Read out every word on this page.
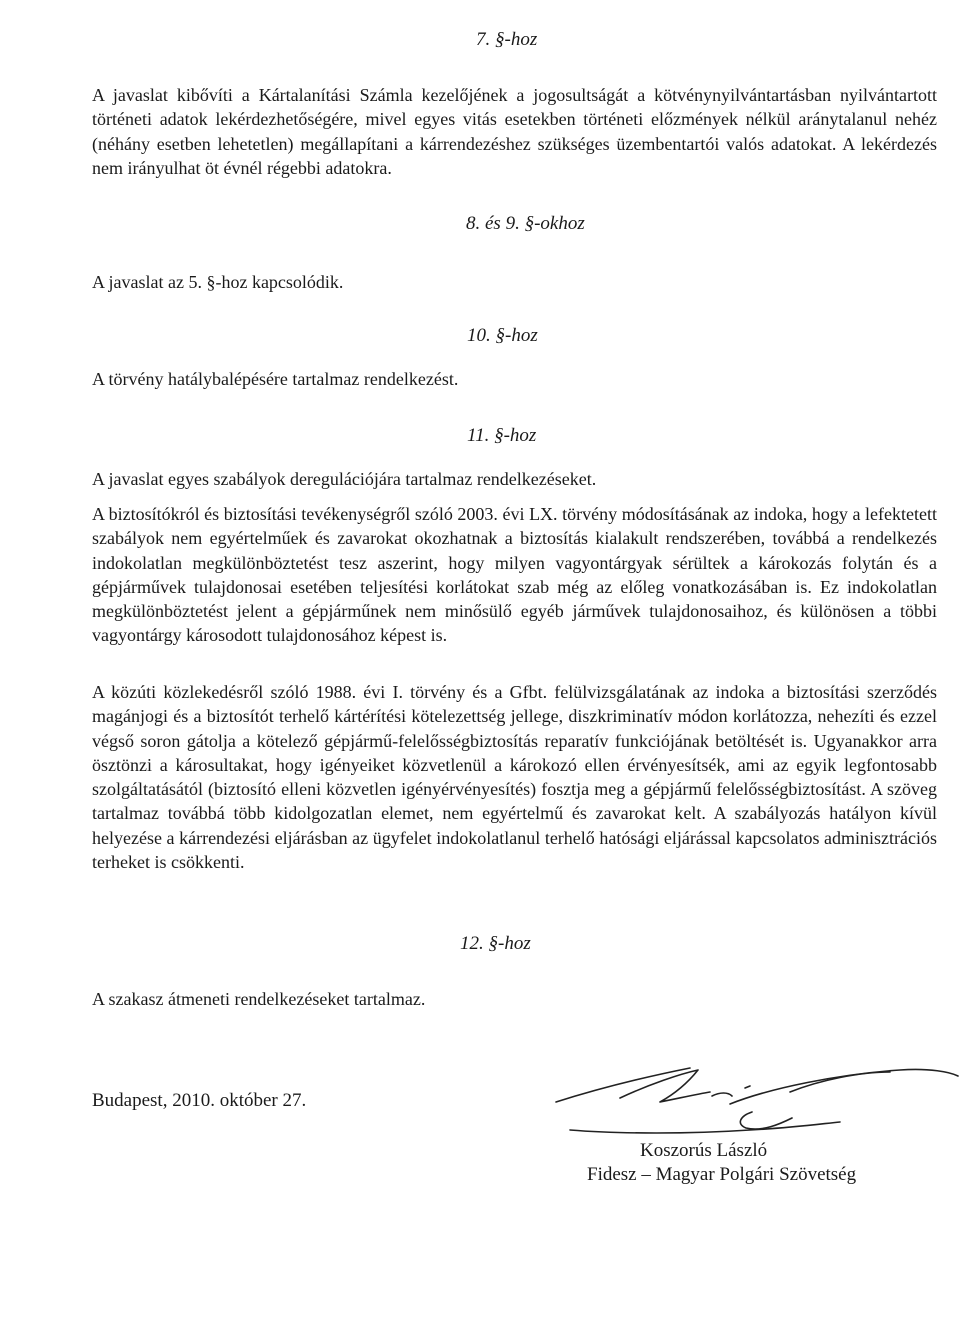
7. §-hoz
A javaslat kibővíti a Kártalanítási Számla kezelőjének a jogosultságát a kötvénynyilvántartásban nyilvántartott történeti adatok lekérdezhetőségére, mivel egyes vitás esetekben történeti előzmények nélkül aránytalanul nehéz (néhány esetben lehetetlen) megállapítani a kárrendezéshez szükséges üzembentartói valós adatokat. A lekérdezés nem irányulhat öt évnél régebbi adatokra.
8. és 9. §-okhoz
A javaslat az 5. §-hoz kapcsolódik.
10. §-hoz
A törvény hatálybalépésére tartalmaz rendelkezést.
11. §-hoz
A javaslat egyes szabályok deregulációjára tartalmaz rendelkezéseket.
A biztosítókról és biztosítási tevékenységről szóló 2003. évi LX. törvény módosításának az indoka, hogy a lefektetett szabályok nem egyértelműek és zavarokat okozhatnak a biztosítás kialakult rendszerében, továbbá a rendelkezés indokolatlan megkülönböztetést tesz aszerint, hogy milyen vagyontárgyak sérültek a károkozás folytán és a gépjárművek tulajdonosai esetében teljesítési korlátokat szab még az előleg vonatkozásában is. Ez indokolatlan megkülönböztetést jelent a gépjárműnek nem minősülő egyéb járművek tulajdonosaihoz, és különösen a többi vagyontárgy károsodott tulajdonosához képest is.
A közúti közlekedésről szóló 1988. évi I. törvény és a Gfbt. felülvizsgálatának az indoka a biztosítási szerződés magánjogi és a biztosítót terhelő kártérítési kötelezettség jellege, diszkriminatív módon korlátozza, nehezíti és ezzel végső soron gátolja a kötelező gépjármű-felelősségbiztosítás reparatív funkciójának betöltését is. Ugyanakkor arra ösztönzi a károsultakat, hogy igényeiket közvetlenül a károkozó ellen érvényesítsék, ami az egyik legfontosabb szolgáltatásától (biztosító elleni közvetlen igényérvényesítés) fosztja meg a gépjármű felelősségbiztosítást. A szöveg tartalmaz továbbá több kidolgozatlan elemet, nem egyértelmű és zavarokat kelt. A szabályozás hatályon kívül helyezése a kárrendezési eljárásban az ügyfelet indokolatlanul terhelő hatósági eljárással kapcsolatos adminisztrációs terheket is csökkenti.
12. §-hoz
A szakasz átmeneti rendelkezéseket tartalmaz.
Budapest, 2010. október 27.
Koszorús László
Fidesz – Magyar Polgári Szövetség
